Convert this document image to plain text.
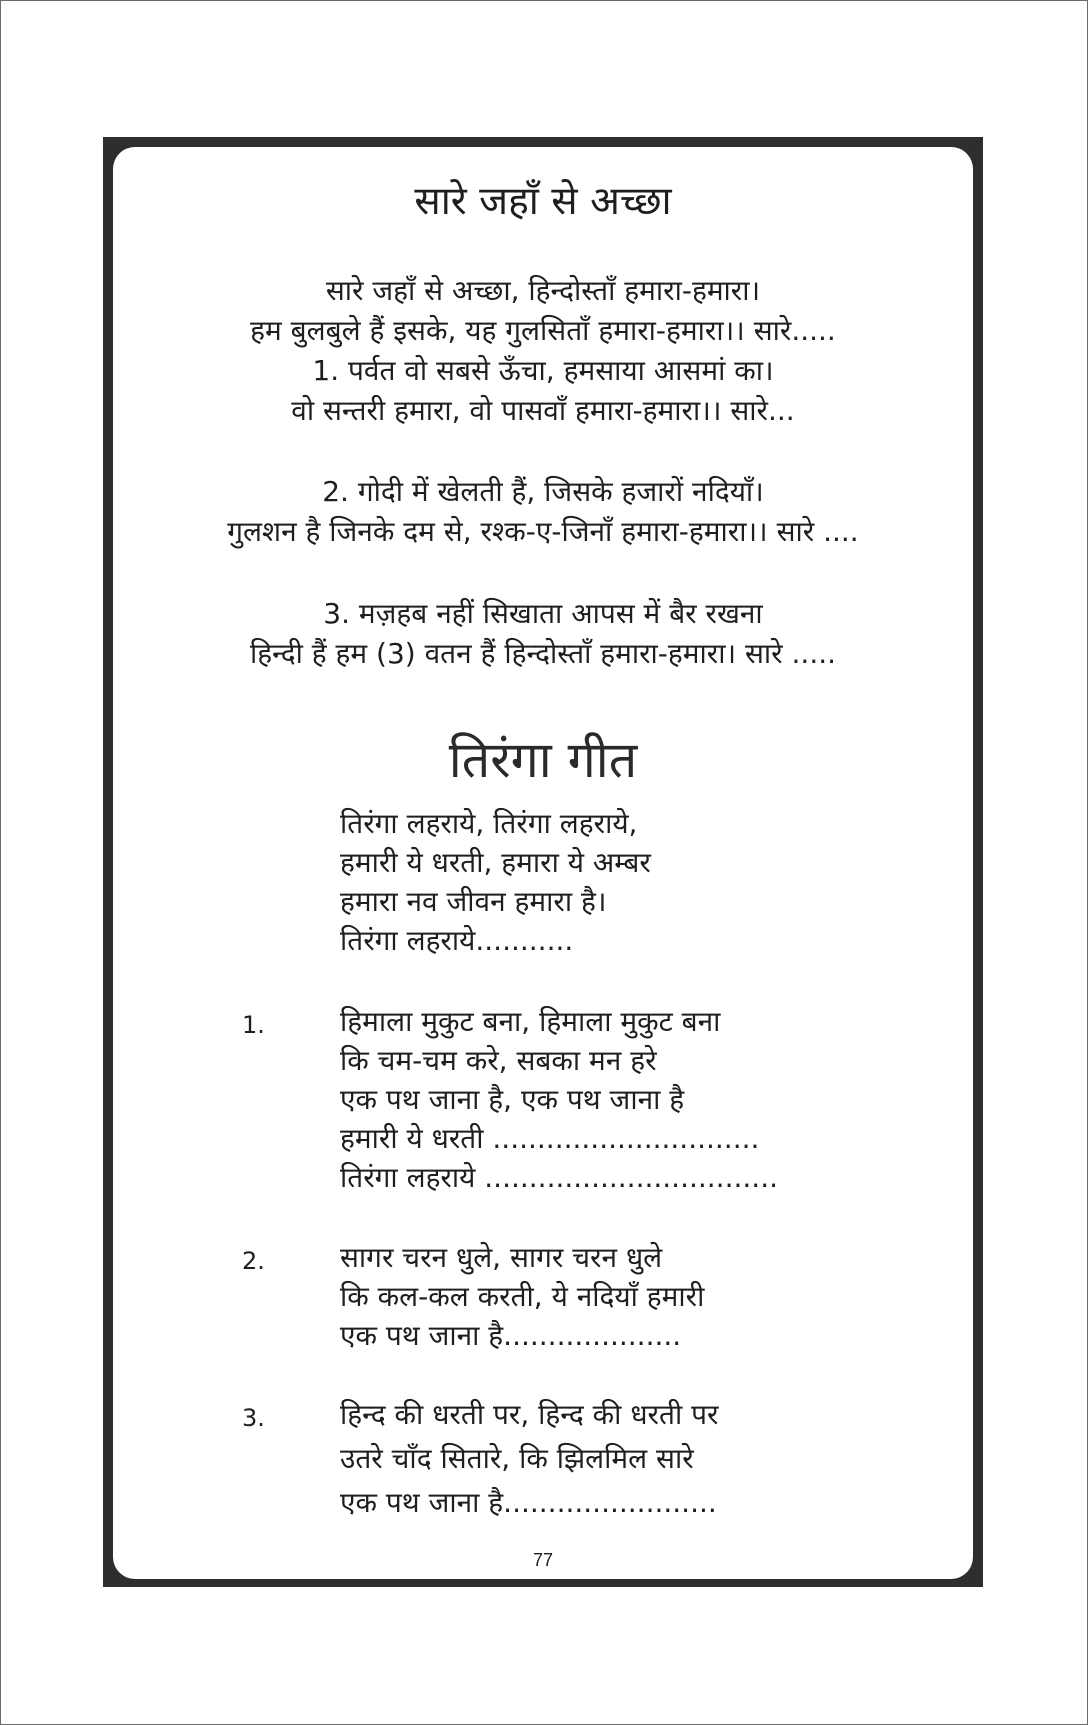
सारे जहाँ से अच्छा
सारे जहाँ से अच्छा, हिन्दोस्ताँ हमारा-हमारा।
हम बुलबुले हैं इसके, यह गुलसिताँ हमारा-हमारा।। सारे.....
1. पर्वत वो सबसे ऊँचा, हमसाया आसमां का।
वो सन्तरी हमारा, वो पासवाँ हमारा-हमारा।। सारे...
2. गोदी में खेलती हैं, जिसके हजारों नदियाँ।
गुलशन है जिनके दम से, रश्क-ए-जिनाँ हमारा-हमारा।। सारे ....
3. मज़हब नहीं सिखाता आपस में बैर रखना
हिन्दी हैं हम (3) वतन हैं हिन्दोस्ताँ हमारा-हमारा। सारे .....
तिरंगा गीत
तिरंगा लहराये, तिरंगा लहराये,
हमारी ये धरती, हमारा ये अम्बर
हमारा नव जीवन हमारा है।
तिरंगा लहराये...........
1.	हिमाला मुकुट बना, हिमाला मुकुट बना
कि चम-चम करे, सबका मन हरे
एक पथ जाना है, एक पथ जाना है
हमारी ये धरती ..............................
तिरंगा लहराये .................................
2.	सागर चरन धुले, सागर चरन धुले
कि कल-कल करती, ये नदियाँ हमारी
एक पथ जाना है....................
3.	हिन्द की धरती पर, हिन्द की धरती पर
उतरे चाँद सितारे, कि झिलमिल सारे
एक पथ जाना है........................
77
